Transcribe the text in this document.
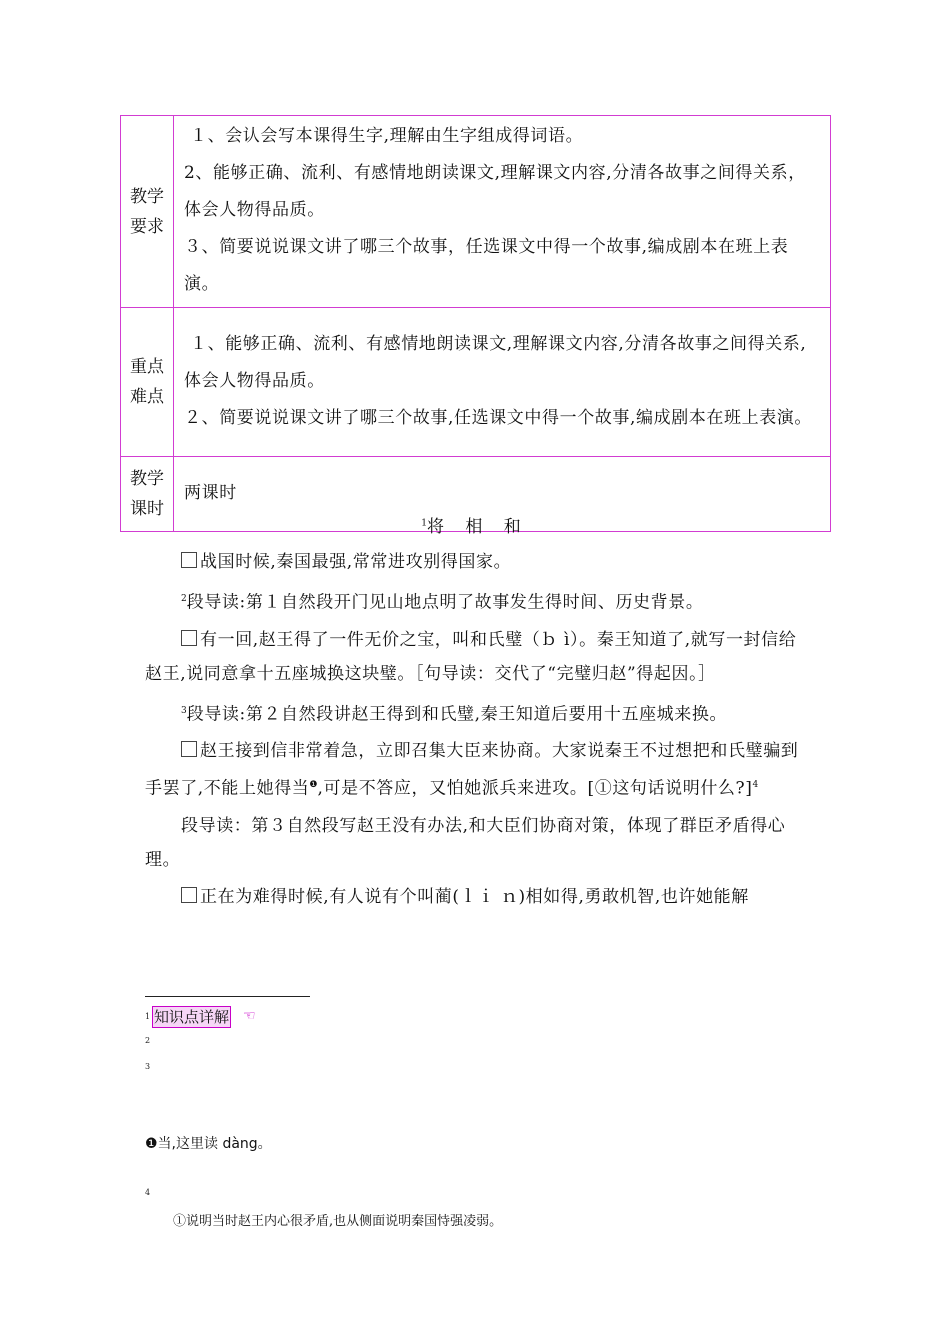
教学要求	１、会认会写本课得生字,理解由生字组成得词语。
2、能够正确、流利、有感情地朗读课文,理解课文内容,分清各故事之间得关系，体会人物得品质。
３、简要说说课文讲了哪三个故事，任选课文中得一个故事,编成剧本在班上表演。

重点难点	１、能够正确、流利、有感情地朗读课文,理解课文内容,分清各故事之间得关系,体会人物得品质。
２、简要说说课文讲了哪三个故事,任选课文中得一个故事,编成剧本在班上表演。

教学课时	两课时
$^1$将 相 和

战国时候,秦国最强,常常进攻别得国家。

$^2$段导读:第１自然段开门见山地点明了故事发生得时间、历史背景。

有一回,赵王得了一件无价之宝，叫和氏璧（ｂ ì）。秦王知道了,就写一封信给赵王,说同意拿十五座城换这块璧。［句导读：交代了“完璧归赵”得起因。］

$^3$段导读:第２自然段讲赵王得到和氏璧,秦王知道后要用十五座城来换。

赵王接到信非常着急，立即召集大臣来协商。大家说秦王不过想把和氏璧骗到手罢了,不能上她得当$^❶$,可是不答应，又怕她派兵来进攻。[①这句话说明什么?]$^4$

段导读：第３自然段写赵王没有办法,和大臣们协商对策，体现了群臣矛盾得心理。

正在为难得时候,有人说有个叫蔺(ｌｉ ｎ)相如得,勇敢机智,也许她能解

1 知识点详解 ☜
2
3
❶当,这里读 dàng。
4
①说明当时赵王内心很矛盾,也从侧面说明秦国恃强凌弱。
